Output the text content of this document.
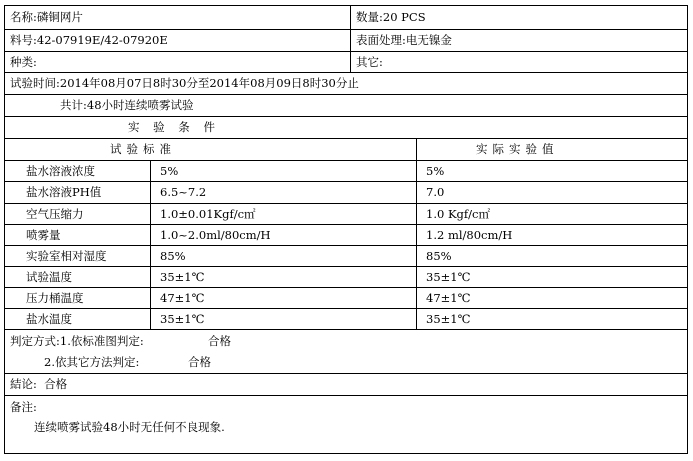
名称:磷铜网片	数量:20 PCS
料号:42-07919E/42-07920E	表面处理:电无镍金
种类:	其它:
试验时间:2014年08月07日8时30分至2014年08月09日8时30分止
共计:48小时连续喷雾试验
实 验 条 件
试验标准	实际实验值
盐水溶液浓度	5%	5%
盐水溶液PH值	6.5~7.2	7.0
空气压缩力	1.0±0.01Kgf/c㎡	1.0 Kgf/c㎡
喷雾量	1.0~2.0ml/80cm/H	1.2 ml/80cm/H
实验室相对湿度	85%	85%
试验温度	35±1℃	35±1℃
压力桶温度	47±1℃	47±1℃
盐水温度	35±1℃	35±1℃
判定方式:1.依标准图判定:	合格
2.依其它方法判定:	合格
結论:  合格
备注:
连续喷雾试验48小时无任何不良现象.
